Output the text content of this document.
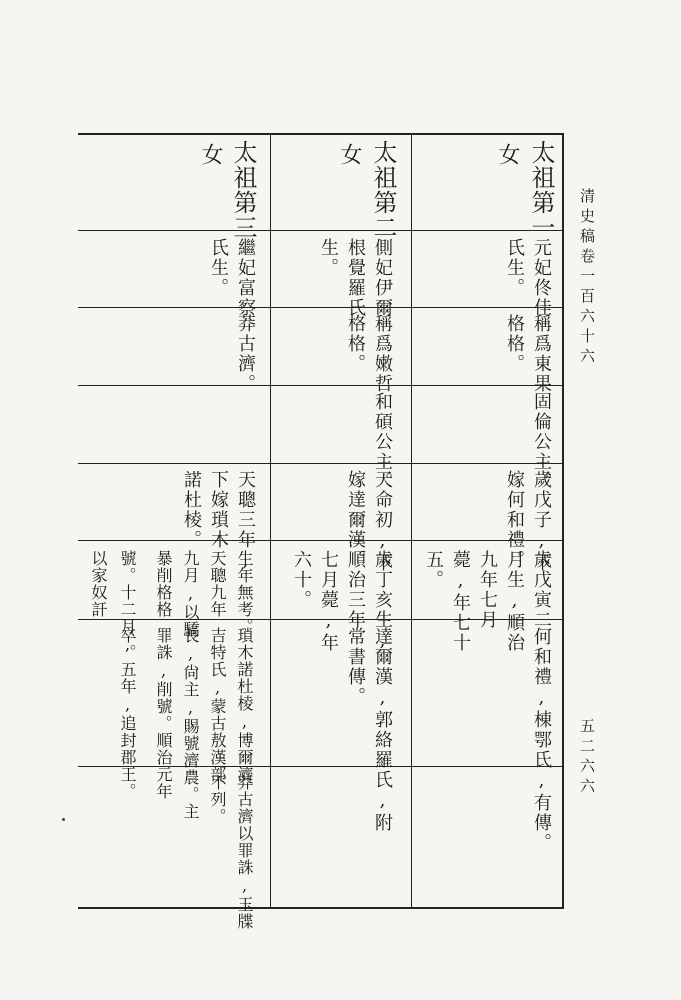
清史稿卷一百六十六
五二六六
太祖第一
女
元妃佟佳
氏生。
稱爲東果
格格。
固倫公主。
歲戊子,下
嫁何和禮。
歲戊寅二
月生,順治
九年七月
薨,年七十
五。
何和禮,棟鄂氏,有傳。
太祖第二
女
側妃伊爾
根覺羅氏
生。
稱爲嫩哲
格格。
和碩公主。
天命初,下
嫁達爾漢。
歲丁亥生,
順治三年
七月薨,年
六十。
達爾漢,郭絡羅氏,附
常書傳。
太祖第三
女
繼妃富察
氏生。
莽古濟。
天聰三年,
下嫁瑣木
諾杜棱。
生年無考。
天聰九年
九月,以驕
暴削格格
號。十二月,
以家奴訐
瑣木諾杜棱,博爾濟
吉特氏,蒙古敖漢部
長,尙主,賜號濟農。主
罪誅,削號。順治元年
卒。五年,追封郡王。
莽古濟以罪誅,玉牒
不列。
